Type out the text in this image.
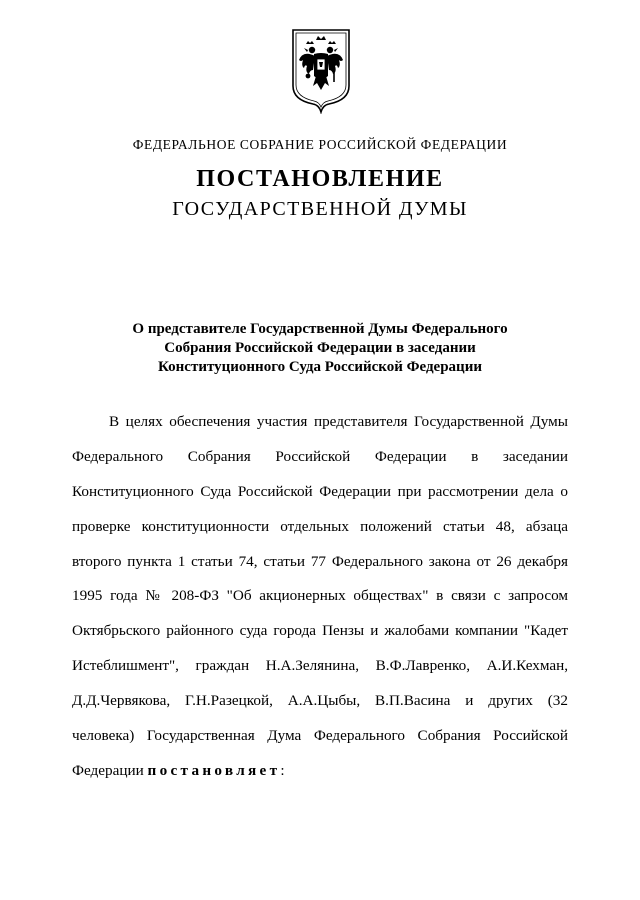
ФЕДЕРАЛЬНОЕ СОБРАНИЕ РОССИЙСКОЙ ФЕДЕРАЦИИ
ПОСТАНОВЛЕНИЕ
ГОСУДАРСТВЕННОЙ ДУМЫ
О представителе Государственной Думы Федерального
Собрания Российской Федерации в заседании
Конституционного Суда Российской Федерации
В целях обеспечения участия представителя Государственной Думы
Федерального Собрания Российской Федерации в заседании
Конституционного Суда Российской Федерации при рассмотрении дела о
проверке конституционности отдельных положений статьи 48, абзаца
второго пункта 1 статьи 74, статьи 77 Федерального закона от 26 декабря
1995 года № 208-ФЗ "Об акционерных обществах" в связи с запросом
Октябрьского районного суда города Пензы и жалобами компании "Кадет
Истеблишмент", граждан Н.А.Зелянина, В.Ф.Лавренко, А.И.Кехман,
Д.Д.Червякова, Г.Н.Разецкой, А.А.Цыбы, В.П.Васина и других (32
человека) Государственная Дума Федерального Собрания Российской
Федерации постановляет:
